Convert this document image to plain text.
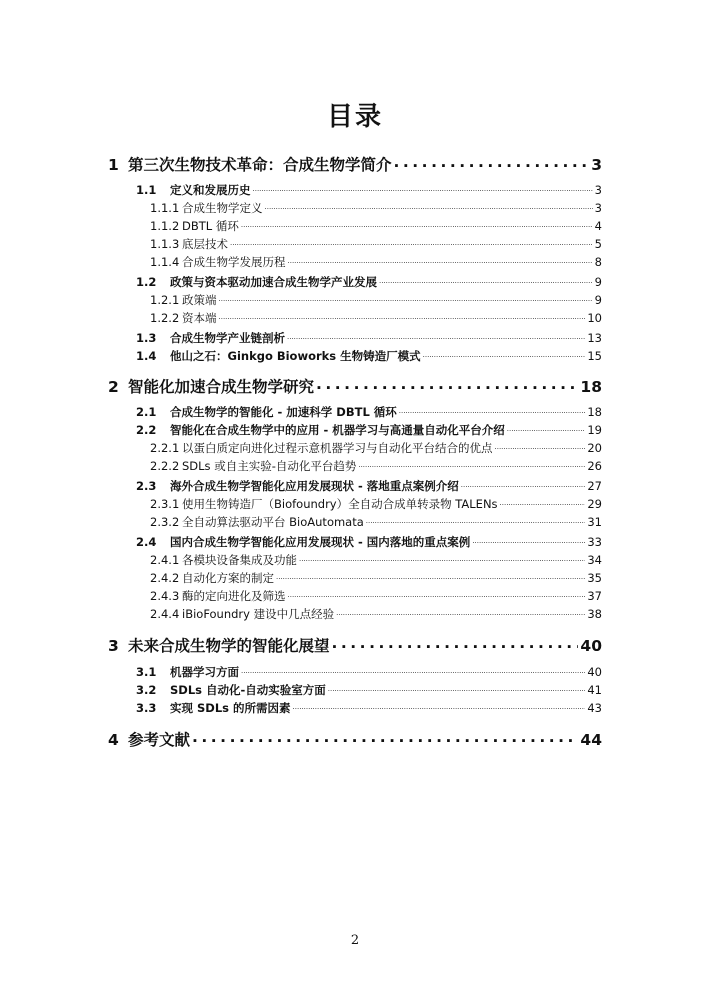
目录
1 第三次生物技术革命：合成生物学简介 .....	3
1.1	定义和发展历史 .....	3
1.1.1 合成生物学定义 .....	3
1.1.2 DBTL 循环 .....	4
1.1.3 底层技术 .....	5
1.1.4 合成生物学发展历程 .....	8
1.2	政策与资本驱动加速合成生物学产业发展 .....	9
1.2.1 政策端 .....	9
1.2.2 资本端 .....	10
1.3	合成生物学产业链剖析 .....	13
1.4	他山之石：Ginkgo Bioworks 生物铸造厂模式 .....	15
2 智能化加速合成生物学研究 .....	18
2.1	合成生物学的智能化 - 加速科学 DBTL 循环 .....	18
2.2	智能化在合成生物学中的应用 - 机器学习与高通量自动化平台介绍 .....	19
2.2.1 以蛋白质定向进化过程示意机器学习与自动化平台结合的优点 .....	20
2.2.2 SDLs 或自主实验-自动化平台趋势 .....	26
2.3	海外合成生物学智能化应用发展现状 - 落地重点案例介绍 .....	27
2.3.1 使用生物铸造厂（Biofoundry）全自动合成单转录物 TALENs .....	29
2.3.2 全自动算法驱动平台 BioAutomata .....	31
2.4	国内合成生物学智能化应用发展现状 - 国内落地的重点案例 .....	33
2.4.1 各模块设备集成及功能 .....	34
2.4.2 自动化方案的制定 .....	35
2.4.3 酶的定向进化及筛选 .....	37
2.4.4 iBioFoundry 建设中几点经验 .....	38
3 未来合成生物学的智能化展望 .....	40
3.1	机器学习方面 .....	40
3.2	SDLs 自动化-自动实验室方面 .....	41
3.3	实现 SDLs 的所需因素 .....	43
4 参考文献 .....	44
2
